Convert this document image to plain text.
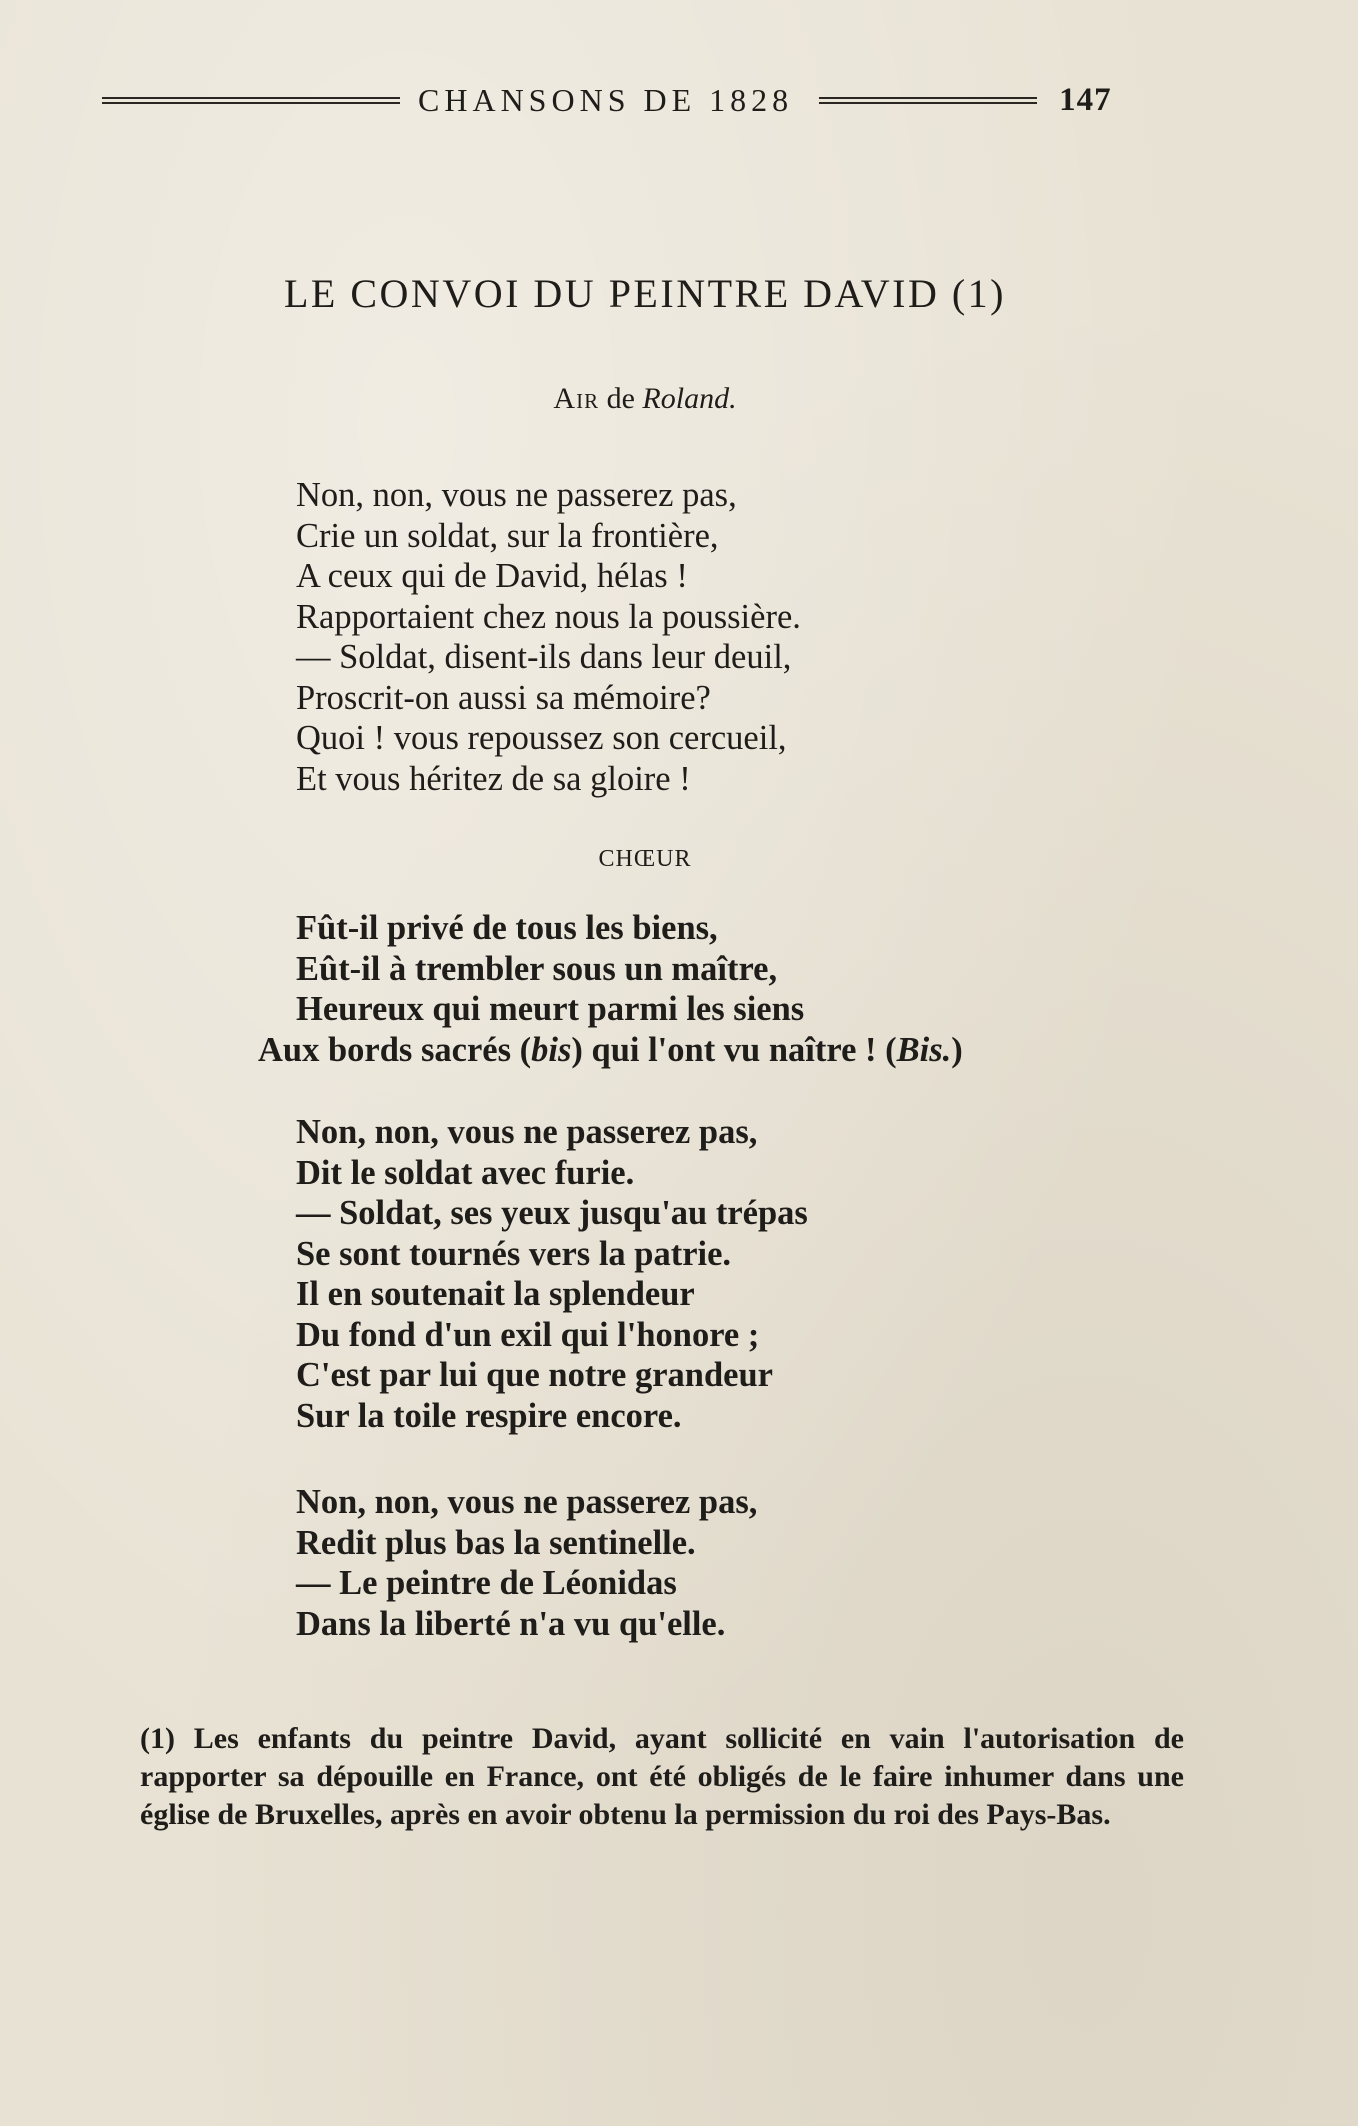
CHANSONS DE 1828	147
LE CONVOI DU PEINTRE DAVID (1)
Air de Roland.
Non, non, vous ne passerez pas,
Crie un soldat, sur la frontière,
A ceux qui de David, hélas !
Rapportaient chez nous la poussière.
— Soldat, disent-ils dans leur deuil,
Proscrit-on aussi sa mémoire?
Quoi ! vous repoussez son cercueil,
Et vous héritez de sa gloire !
CHŒUR
Fût-il privé de tous les biens,
Eût-il à trembler sous un maître,
Heureux qui meurt parmi les siens
Aux bords sacrés (bis) qui l'ont vu naître ! (Bis.)
Non, non, vous ne passerez pas,
Dit le soldat avec furie.
— Soldat, ses yeux jusqu'au trépas
Se sont tournés vers la patrie.
Il en soutenait la splendeur
Du fond d'un exil qui l'honore ;
C'est par lui que notre grandeur
Sur la toile respire encore.
Non, non, vous ne passerez pas,
Redit plus bas la sentinelle.
— Le peintre de Léonidas
Dans la liberté n'a vu qu'elle.
(1) Les enfants du peintre David, ayant sollicité en vain l'autorisation de rapporter sa dépouille en France, ont été obligés de le faire inhumer dans une église de Bruxelles, après en avoir obtenu la permission du roi des Pays-Bas.
